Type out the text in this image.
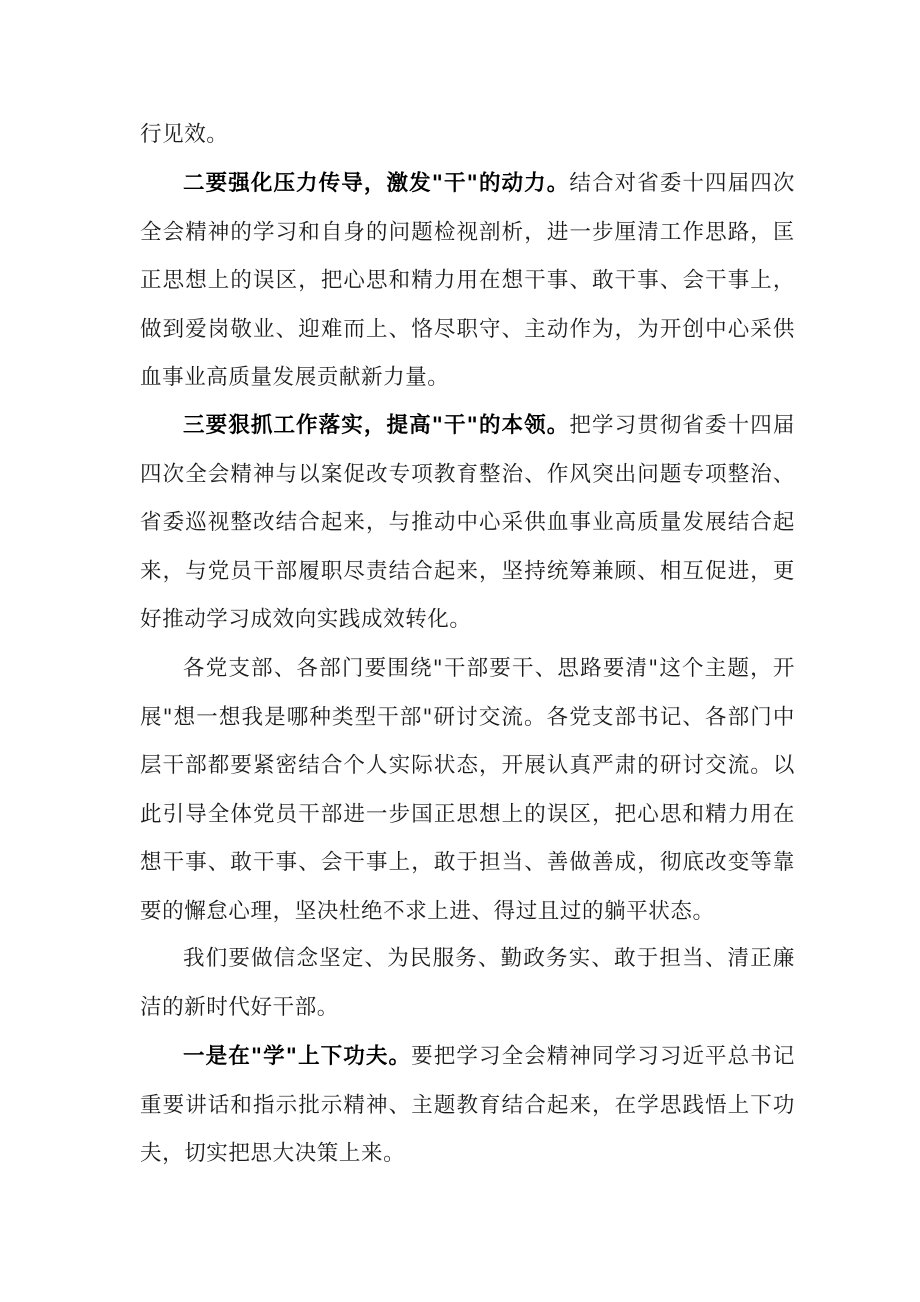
行见效。

二要强化压力传导，激发"干"的动力。结合对省委十四届四次全会精神的学习和自身的问题检视剖析，进一步厘清工作思路，匡正思想上的误区，把心思和精力用在想干事、敢干事、会干事上，做到爱岗敬业、迎难而上、恪尽职守、主动作为，为开创中心采供血事业高质量发展贡献新力量。

三要狠抓工作落实，提高"干"的本领。把学习贯彻省委十四届四次全会精神与以案促改专项教育整治、作风突出问题专项整治、省委巡视整改结合起来，与推动中心采供血事业高质量发展结合起来，与党员干部履职尽责结合起来，坚持统筹兼顾、相互促进，更好推动学习成效向实践成效转化。

各党支部、各部门要围绕"干部要干、思路要清"这个主题，开展"想一想我是哪种类型干部"研讨交流。各党支部书记、各部门中层干部都要紧密结合个人实际状态，开展认真严肃的研讨交流。以此引导全体党员干部进一步国正思想上的误区，把心思和精力用在想干事、敢干事、会干事上，敢于担当、善做善成，彻底改变等靠要的懈怠心理，坚决杜绝不求上进、得过且过的躺平状态。

我们要做信念坚定、为民服务、勤政务实、敢于担当、清正廉洁的新时代好干部。

一是在"学"上下功夫。要把学习全会精神同学习习近平总书记重要讲话和指示批示精神、主题教育结合起来，在学思践悟上下功夫，切实把思大决策上来。
